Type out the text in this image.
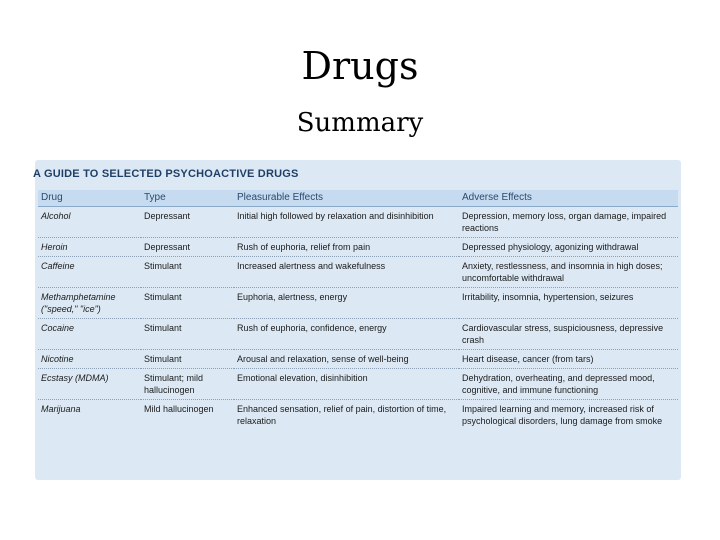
Drugs
Summary
A GUIDE TO SELECTED PSYCHOACTIVE DRUGS
Drug	Type	Pleasurable Effects	Adverse Effects
Alcohol	Depressant	Initial high followed by relaxation and disinhibition	Depression, memory loss, organ damage, impaired reactions
Heroin	Depressant	Rush of euphoria, relief from pain	Depressed physiology, agonizing withdrawal
Caffeine	Stimulant	Increased alertness and wakefulness	Anxiety, restlessness, and insomnia in high doses; uncomfortable withdrawal
Methamphetamine ("speed," "ice")	Stimulant	Euphoria, alertness, energy	Irritability, insomnia, hypertension, seizures
Cocaine	Stimulant	Rush of euphoria, confidence, energy	Cardiovascular stress, suspiciousness, depressive crash
Nicotine	Stimulant	Arousal and relaxation, sense of well-being	Heart disease, cancer (from tars)
Ecstasy (MDMA)	Stimulant; mild hallucinogen	Emotional elevation, disinhibition	Dehydration, overheating, and depressed mood, cognitive, and immune functioning
Marijuana	Mild hallucinogen	Enhanced sensation, relief of pain, distortion of time, relaxation	Impaired learning and memory, increased risk of psychological disorders, lung damage from smoke
